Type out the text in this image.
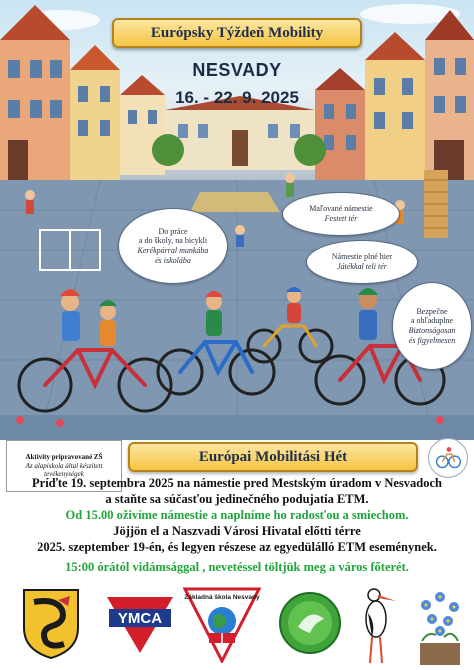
Európsky Týždeň Mobility
NESVADY
16. - 22. 9. 2025
Do práce
a do školy, na bicykli
Kerékpárral munkába
és iskolába
Maľované námestie
Festett tér
Námestie plné hier
Játékkal teli tér
Bezpečne
a ohľaduplne
Biztonságosan
és figyelmesen
Aktivity pripravované ZŠ
Az alapiskola által készített
tevékenységek
Európai Mobilitási Hét
Príďte 19. septembra 2025 na námestie pred Mestským úradom v Nesvadoch
a staňte sa súčasťou jedinečného podujatia ETM.
Od 15.00 oživíme námestie a naplníme ho radosťou a smiechom.
Jöjjön el a Naszvadi Városi Hivatal előtti térre
2025. szeptember 19-én, és legyen részese az egyedülálló ETM eseménynek.
15:00 órától vidámsággal , nevetéssel töltjük meg a város főterét.
YMCA
Základná škola Nesvady
